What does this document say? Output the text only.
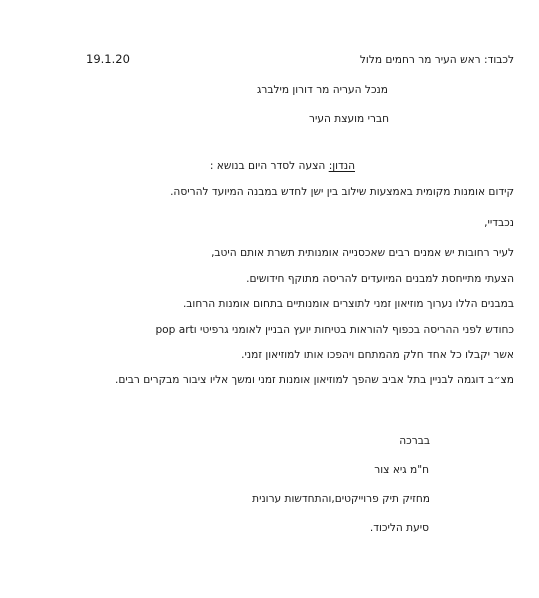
19.1.20	לכבוד: ראש העיר מר רחמים מלול
מנכל העריה מר דורון מילברג
חברי מועצת העיר
הנדון: הצעה לסדר היום בנושא :
קידום אומנות מקומית באמצעות שילוב בין ישן לחדש במבנה המיועד להריסה.
נכבדיי,
לעיר רחובות יש אמנים רבים שאכסנייה אומנותית תשרת אותם היטב,
הצעתי מתייחסת למבנים המיועדים להריסה מתוקף חידושים.
במבנים הללו נערוך מוזיאון זמני לתוצרים אומנותיים בתחום אומנות הרחוב.
כחודש לפני ההריסה בכפוף להוראות בטיחות יועץ הבניין לאומני גרפיטי וpop art
אשר יקבלו כל אחד חלק מהמתחם ויהפכו אותו למוזיאון זמני.
מצ״ב דוגמה לבניין בתל אביב שהפך למוזיאון אומנות זמני ומשך אליו ציבור מבקרים רבים.
בברכה
ח"מ גיא צור
מחזיק תיק פרוייקטים,והתחדשות ערונית
סיעת הליכוד.
